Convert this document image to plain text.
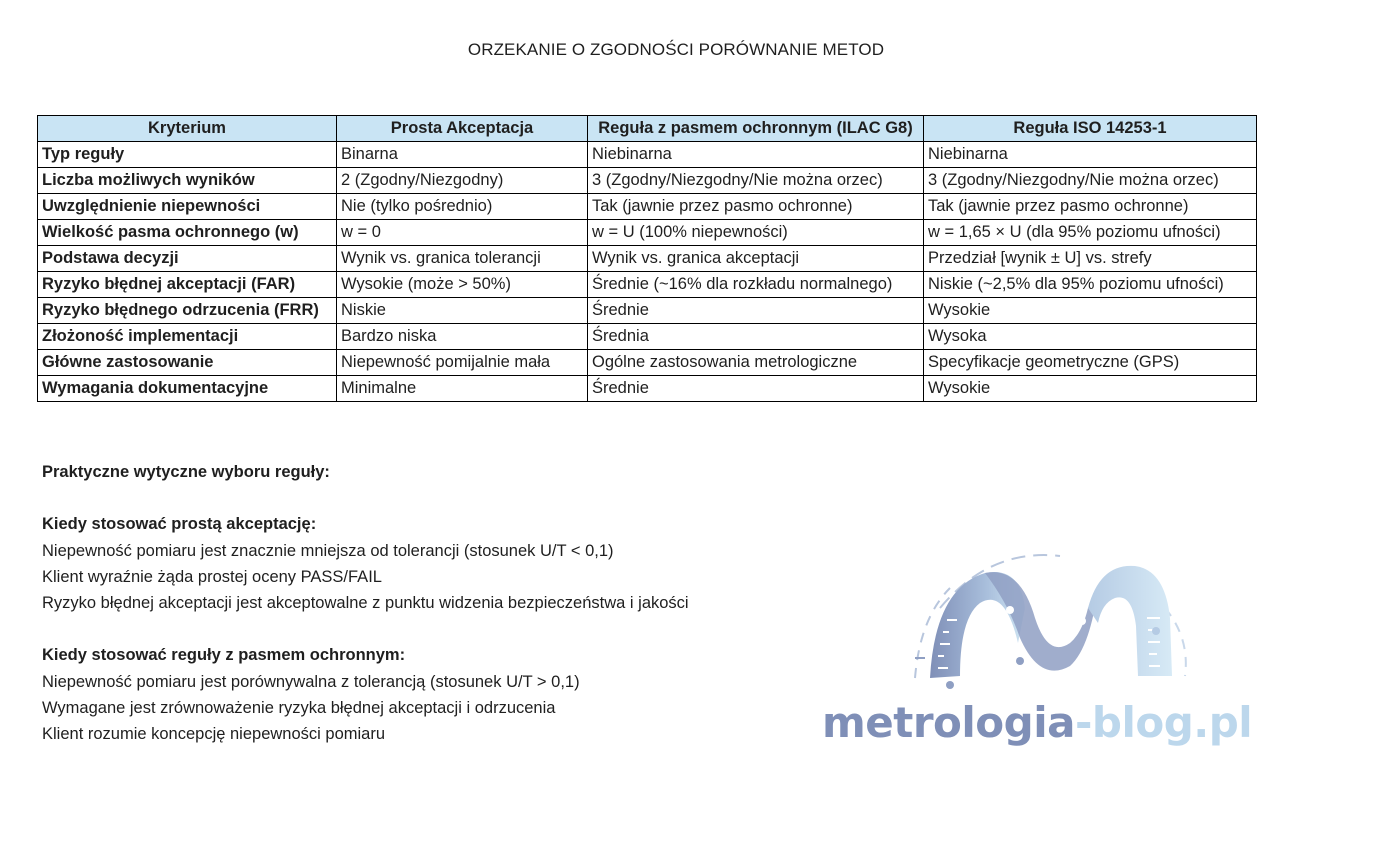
ORZEKANIE O ZGODNOŚCI PORÓWNANIE METOD
Kryterium	Prosta Akceptacja	Reguła z pasmem ochronnym (ILAC G8)	Reguła ISO 14253-1
Typ reguły	Binarna	Niebinarna	Niebinarna
Liczba możliwych wyników	2 (Zgodny/Niezgodny)	3 (Zgodny/Niezgodny/Nie można orzec)	3 (Zgodny/Niezgodny/Nie można orzec)
Uwzględnienie niepewności	Nie (tylko pośrednio)	Tak (jawnie przez pasmo ochronne)	Tak (jawnie przez pasmo ochronne)
Wielkość pasma ochronnego (w)	w = 0	w = U (100% niepewności)	w = 1,65 × U (dla 95% poziomu ufności)
Podstawa decyzji	Wynik vs. granica tolerancji	Wynik vs. granica akceptacji	Przedział [wynik ± U] vs. strefy
Ryzyko błędnej akceptacji (FAR)	Wysokie (może > 50%)	Średnie (~16% dla rozkładu normalnego)	Niskie (~2,5% dla 95% poziomu ufności)
Ryzyko błędnego odrzucenia (FRR)	Niskie	Średnie	Wysokie
Złożoność implementacji	Bardzo niska	Średnia	Wysoka
Główne zastosowanie	Niepewność pomijalnie mała	Ogólne zastosowania metrologiczne	Specyfikacje geometryczne (GPS)
Wymagania dokumentacyjne	Minimalne	Średnie	Wysokie
Praktyczne wytyczne wyboru reguły:
Kiedy stosować prostą akceptację:
Niepewność pomiaru jest znacznie mniejsza od tolerancji (stosunek U/T < 0,1)
Klient wyraźnie żąda prostej oceny PASS/FAIL
Ryzyko błędnej akceptacji jest akceptowalne z punktu widzenia bezpieczeństwa i jakości
Kiedy stosować reguły z pasmem ochronnym:
Niepewność pomiaru jest porównywalna z tolerancją (stosunek U/T > 0,1)
Wymagane jest zrównoważenie ryzyka błędnej akceptacji i odrzucenia
Klient rozumie koncepcję niepewności pomiaru	metrologia-blog.pl
